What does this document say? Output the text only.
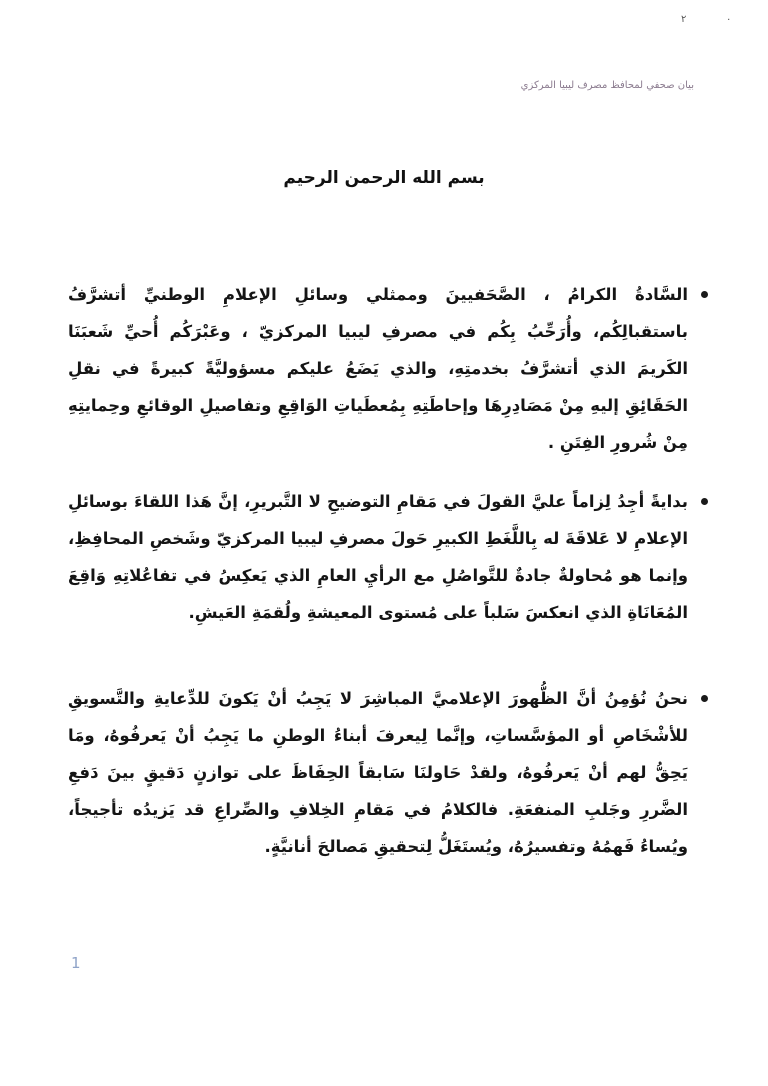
٢	٠
بيان صحفي لمحافظ مصرف ليبيا المركزي
بسم الله الرحمن الرحيم
السَّادةُ الكرامُ ، الصَّحَفيينَ وممثلي وسائلِ الإعلامِ الوطنيِّ أتشرَّفُ باستقبالِكُم، وأُرَحِّبُ بِكُم في مصرفِ ليبيا المركزيّ ، وعَبْرَكُم أُحيِّ شَعبَنَا الكَريمَ الذي أتشرَّفُ بخدمتِهِ، والذي يَضَعُ عليكم مسؤوليَّةً كبيرةً في نقلِ الحَقَائِقِ إليهِ مِنْ مَصَادِرِهَا وإحاطَتِهِ بِمُعطَياتِ الوَاقِعِ وتفاصيلِ الوقائعِ وحِمايتِهِ مِنْ شُرورِ الفِتَنِ .
بدايةً أجِدُ لِزاماً عليَّ القولَ في مَقامِ التوضيحِ لا التَّبريرِ، إنَّ هَذا اللقاءَ بوسائلِ الإعلامِ لا عَلاقَةَ له بِاللَّغَطِ الكبيرِ حَولَ مصرفِ ليبيا المركزيّ وشَخصِ المحافِظِ، وإنما هو مُحاولةٌ جادةٌ للتَّواصُلِ مع الرأيِ العامِ الذي يَعكِسُ في تفاعُلاتِهِ وَاقِعَ المُعَانَاةِ الذي انعكسَ سَلباً على مُستوى المعيشةِ ولُقمَةِ العَيشِ.
نحنُ نُؤمِنُ أنَّ الظُّهورَ الإعلاميَّ المباشِرَ لا يَجِبُ أنْ يَكونَ للدِّعايةِ والتَّسويقِ للأشْخَاصِ أو المؤسَّساتِ، وإنَّما لِيعرفَ أبناءُ الوطنِ ما يَجِبُ أنْ يَعرفُوهُ، ومَا يَحِقُّ لهم أنْ يَعرفُوهُ، ولقدْ حَاولنَا سَابقاً الحِفَاظَ على توازنٍ دَقيقٍ بينَ دَفعِ الضَّررِ وجَلبِ المنفعَةِ. فالكلامُ في مَقامِ الخِلافِ والصِّراعِ قد يَزيدُه تأجيجاً، ويُساءُ فَهمُهُ وتفسيرُهُ، ويُستَغَلُّ لِتحقيقِ مَصالحَ أنانيَّةٍ.
1
